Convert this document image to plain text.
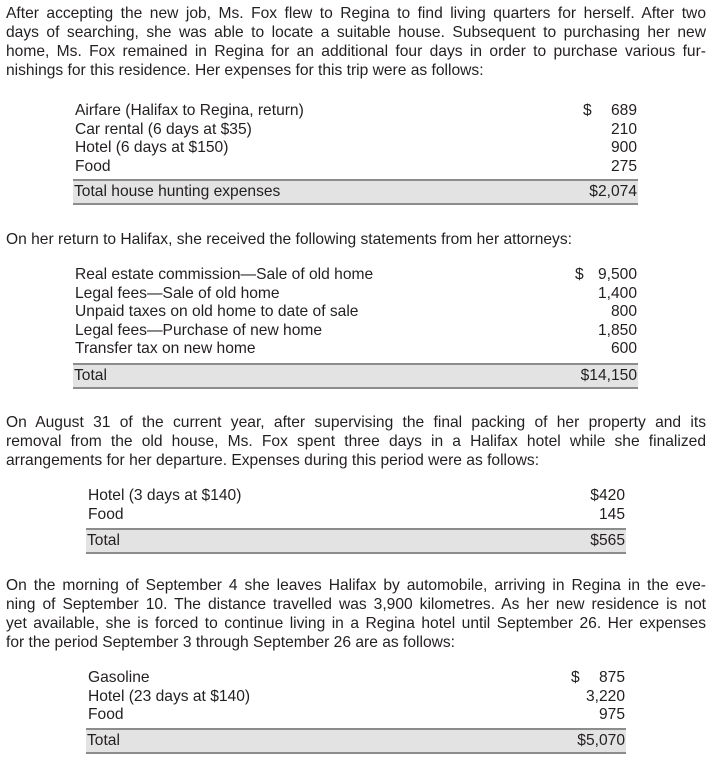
After accepting the new job, Ms. Fox flew to Regina to find living quarters for herself. After two
days of searching, she was able to locate a suitable house. Subsequent to purchasing her new
home, Ms. Fox remained in Regina for an additional four days in order to purchase various fur-
nishings for this residence. Her expenses for this trip were as follows:

Airfare (Halifax to Regina, return)	$ 689
Car rental (6 days at $35)	210
Hotel (6 days at $150)	900
Food	275
Total house hunting expenses	$2,074

On her return to Halifax, she received the following statements from her attorneys:

Real estate commission—Sale of old home	$ 9,500
Legal fees—Sale of old home	1,400
Unpaid taxes on old home to date of sale	800
Legal fees—Purchase of new home	1,850
Transfer tax on new home	600
Total	$14,150

On August 31 of the current year, after supervising the final packing of her property and its
removal from the old house, Ms. Fox spent three days in a Halifax hotel while she finalized
arrangements for her departure. Expenses during this period were as follows:

Hotel (3 days at $140)	$420
Food	145
Total	$565

On the morning of September 4 she leaves Halifax by automobile, arriving in Regina in the eve-
ning of September 10. The distance travelled was 3,900 kilometres. As her new residence is not
yet available, she is forced to continue living in a Regina hotel until September 26. Her expenses
for the period September 3 through September 26 are as follows:

Gasoline	$ 875
Hotel (23 days at $140)	3,220
Food	975
Total	$5,070
